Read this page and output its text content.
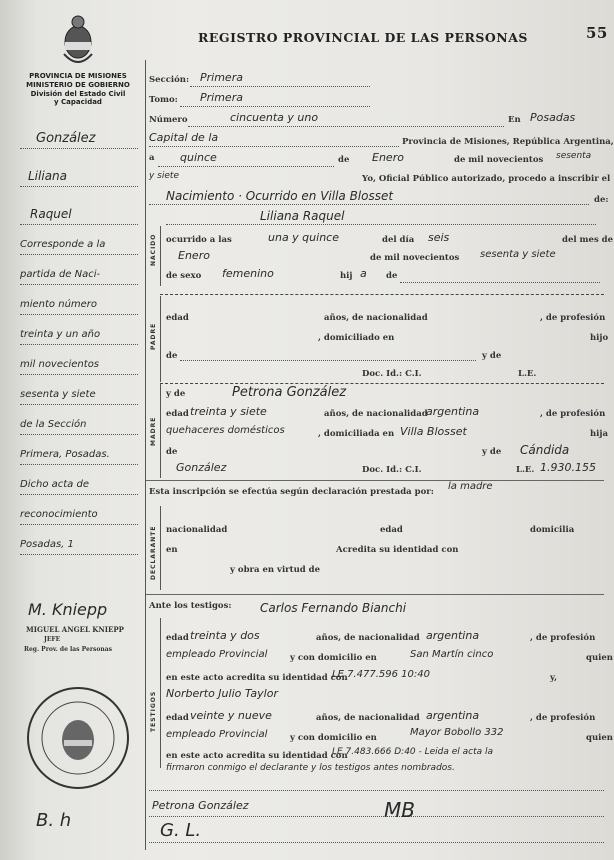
PROVINCIA DE MISIONES
MINISTERIO DE GOBIERNO
División del Estado Civil
y Capacidad
REGISTRO PROVINCIAL DE LAS PERSONAS	55
González
Liliana
Raquel
Corresponde a la
partida de Naci-
miento número
treinta y un año
mil novecientos
sesenta y siete
de la Sección
Primera, Posadas.
Dicho acta de
reconocimiento
Posadas, 1
M. Kniepp
MIGUEL ANGEL KNIEPP
JEFE
Reg. Prov. de las Personas
B. h
NACIDO
PADRE
MADRE
DECLARANTE
TESTIGOS
Sección: Primera
Tomo: Primera
Número	cincuenta y uno	En Posadas
Capital de la	Provincia de Misiones, República Argentina,
a quince	de Enero	de mil novecientos sesenta
y siete	Yo, Oficial Público autorizado, procedo a inscribir el
Nacimiento · Ocurrido en Villa Blosset	de:
Liliana Raquel
ocurrido a las	una y quince	del día seis	del mes de
Enero	de mil novecientos sesenta y siete
de sexo femenino	hij a de
edad	años, de nacionalidad	, de profesión
, domiciliado en	hijo
de	y de
Doc. Id.: C.I.	L.E.
y de	Petrona González
edad treinta y siete	años, de nacionalidad
argentina	, de profesión
quehaceres domésticos	, domiciliada en Villa Blosset	hija
de	y de Cándida
González	Doc. Id.: C.I.	L.E. 1.930.155
Esta inscripción se efectúa según declaración prestada por: la madre
nacionalidad	edad	domicilia
en	Acredita su identidad con
y obra en virtud de
Ante los testigos: Carlos Fernando Bianchi
edad treinta y dos	años, de nacionalidad argentina	, de profesión
empleado Provincial	y con domicilio en	San Martín cinco	quien
en este acto acredita su identidad con
LE 7.477.596 10:40	y,
Norberto Julio Taylor
edad veinte y nueve	años, de nacionalidad argentina	, de profesión
empleado Provincial	y con domicilio en	Mayor Bobollo 332	quien
en este acto acredita su identidad con
LE 7.483.666 D:40 - Leida el acta la
firmaron conmigo el declarante y los testigos antes nombrados.
Petrona González	MB
G. L.
